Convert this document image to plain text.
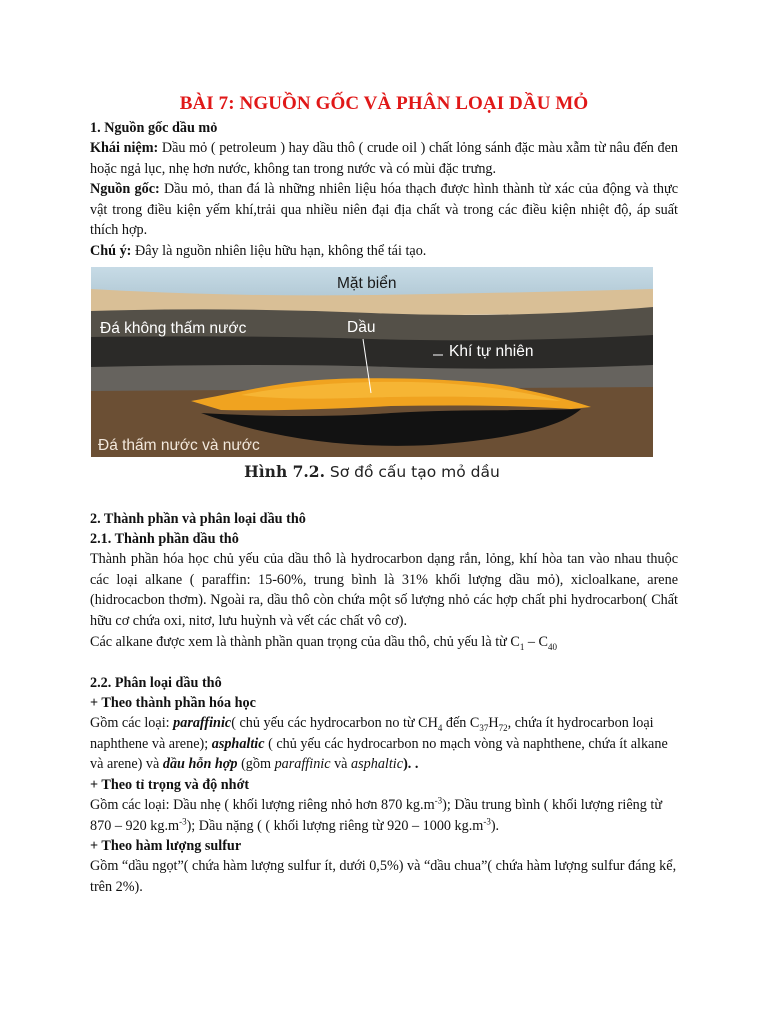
BÀI 7: NGUỒN GỐC VÀ PHÂN LOẠI DẦU MỎ
1. Nguồn gốc dầu mỏ
Khái niệm: Dầu mỏ ( petroleum ) hay dầu thô ( crude oil ) chất lỏng sánh đặc màu xẫm từ nâu đến đen hoặc ngả lục, nhẹ hơn nước, không tan trong nước và có mùi đặc trưng.
Nguồn gốc: Dầu mỏ, than đá là những nhiên liệu hóa thạch được hình thành từ xác của động và thực vật trong điều kiện yếm khí,trải qua nhiều niên đại địa chất và trong các điều kiện nhiệt độ, áp suất thích hợp.
Chú ý: Đây là nguồn nhiên liệu hữu hạn, không thể tái tạo.
Mặt biển
Đá không thấm nước	Dầu
Khí tự nhiên
Đá thấm nước và nước
Hình 7.2. Sơ đồ cấu tạo mỏ dầu
2. Thành phần và phân loại dầu thô
2.1. Thành phần dầu thô
Thành phần hóa học chủ yếu của dầu thô là hydrocarbon dạng rắn, lỏng, khí hòa tan vào nhau thuộc các loại alkane ( paraffin: 15-60%, trung bình là 31% khối lượng dầu mỏ), xicloalkane, arene (hidrocacbon thơm). Ngoài ra, dầu thô còn chứa một số lượng nhỏ các hợp chất phi hydrocarbon( Chất hữu cơ chứa oxi, nitơ, lưu huỳnh và vết các chất vô cơ).
Các alkane được xem là thành phần quan trọng của dầu thô, chủ yếu là từ $C_1 - C_{40}$
2.2. Phân loại dầu thô
+ Theo thành phần hóa học
Gồm các loại: paraffinic( chủ yếu các hydrocarbon no từ $CH_4$ đến $C_{37}H_{72}$, chứa ít hydrocarbon loại naphthene và arene); asphaltic ( chủ yếu các hydrocarbon no mạch vòng và naphthene, chứa ít alkane và arene) và dầu hỗn hợp (gồm paraffinic và asphaltic). .
+ Theo tỉ trọng và độ nhớt
Gồm các loại: Dầu nhẹ ( khối lượng riêng nhỏ hơn 870 $kg.m^{-3}$); Dầu trung bình ( khối lượng riêng từ 870 – 920 $kg.m^{-3}$); Dầu nặng ( ( khối lượng riêng từ 920 – 1000 $kg.m^{-3}$).
+ Theo hàm lượng sulfur
Gồm “dầu ngọt”( chứa hàm lượng sulfur ít, dưới 0,5%) và “dầu chua”( chứa hàm lượng sulfur đáng kể, trên 2%).
